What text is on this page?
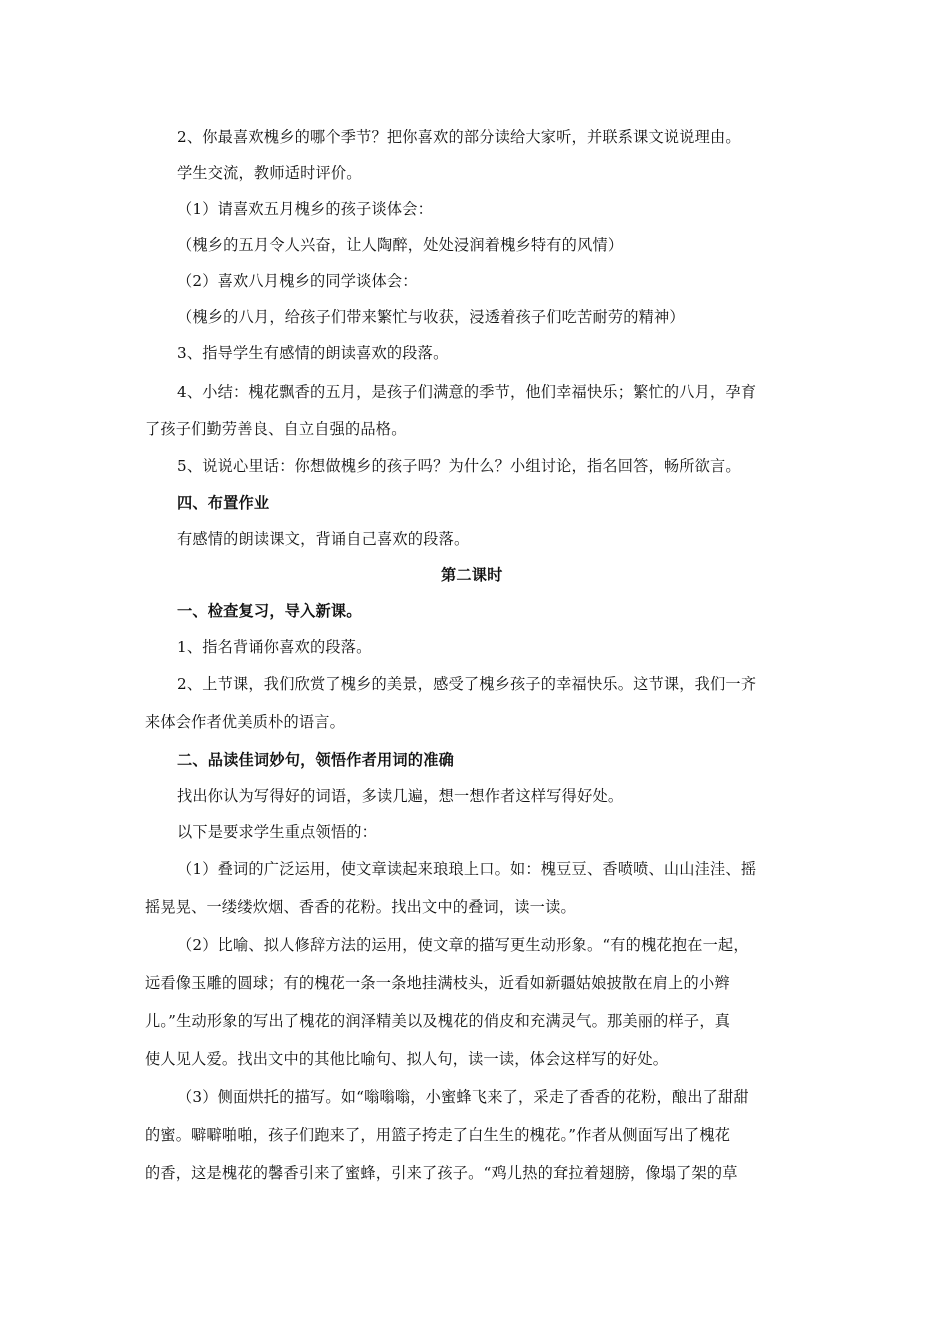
2、你最喜欢槐乡的哪个季节？把你喜欢的部分读给大家听，并联系课文说说理由。
学生交流，教师适时评价。
（1）请喜欢五月槐乡的孩子谈体会：
（槐乡的五月令人兴奋，让人陶醉，处处浸润着槐乡特有的风情）
（2）喜欢八月槐乡的同学谈体会：
（槐乡的八月，给孩子们带来繁忙与收获，浸透着孩子们吃苦耐劳的精神）
3、指导学生有感情的朗读喜欢的段落。
4、小结：槐花飘香的五月，是孩子们满意的季节，他们幸福快乐；繁忙的八月，孕育
了孩子们勤劳善良、自立自强的品格。
5、说说心里话：你想做槐乡的孩子吗？为什么？小组讨论，指名回答，畅所欲言。
四、布置作业
有感情的朗读课文，背诵自己喜欢的段落。
第二课时
一、检查复习，导入新课。
1、指名背诵你喜欢的段落。
2、上节课，我们欣赏了槐乡的美景，感受了槐乡孩子的幸福快乐。这节课，我们一齐
来体会作者优美质朴的语言。
二、品读佳词妙句，领悟作者用词的准确
找出你认为写得好的词语，多读几遍，想一想作者这样写得好处。
以下是要求学生重点领悟的：
（1）叠词的广泛运用，使文章读起来琅琅上口。如：槐豆豆、香喷喷、山山洼洼、摇
摇晃晃、一缕缕炊烟、香香的花粉。找出文中的叠词，读一读。
（2）比喻、拟人修辞方法的运用，使文章的描写更生动形象。“有的槐花抱在一起，
远看像玉雕的圆球；有的槐花一条一条地挂满枝头，近看如新疆姑娘披散在肩上的小辫
儿。”生动形象的写出了槐花的润泽精美以及槐花的俏皮和充满灵气。那美丽的样子，真
使人见人爱。找出文中的其他比喻句、拟人句，读一读，体会这样写的好处。
（3）侧面烘托的描写。如“嗡嗡嗡，小蜜蜂飞来了，采走了香香的花粉，酿出了甜甜
的蜜。噼噼啪啪，孩子们跑来了，用篮子挎走了白生生的槐花。”作者从侧面写出了槐花
的香，这是槐花的馨香引来了蜜蜂，引来了孩子。“鸡儿热的耷拉着翅膀，像塌了架的草
